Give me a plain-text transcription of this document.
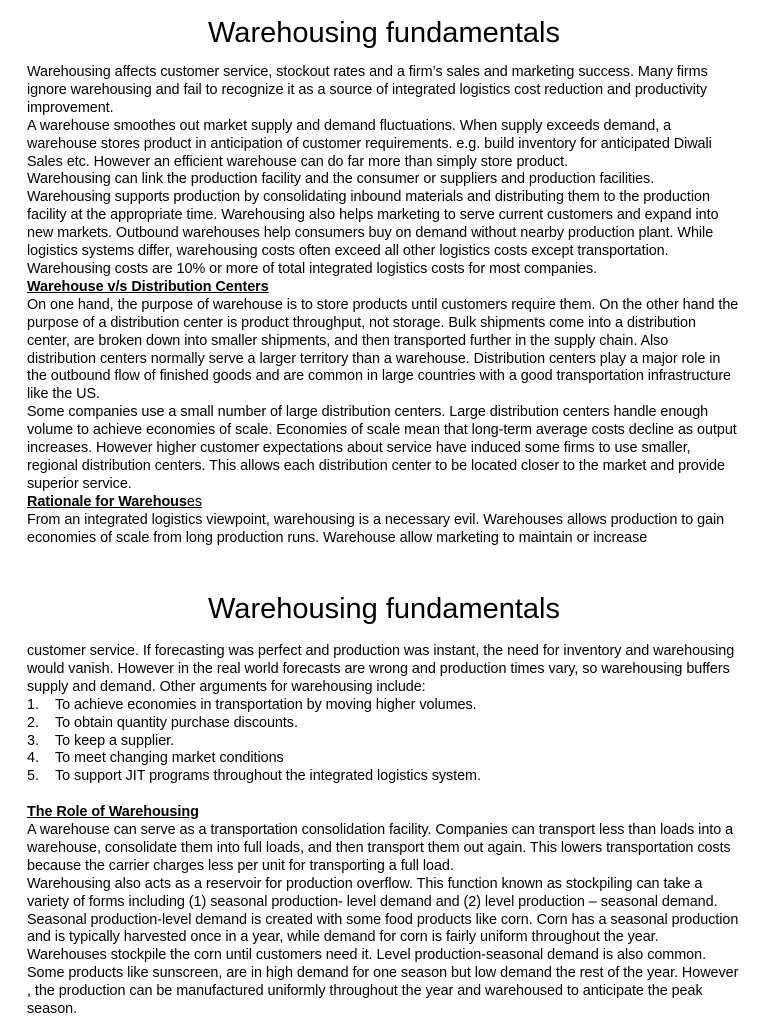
Warehousing fundamentals

Warehousing affects customer service, stockout rates and a firm’s sales and marketing success. Many firms ignore warehousing and fail to recognize it as a source of integrated logistics cost reduction and productivity improvement.

A warehouse smoothes out market supply and demand fluctuations. When supply exceeds demand, a warehouse stores product in anticipation of customer requirements. e.g. build inventory for anticipated Diwali Sales etc. However an efficient warehouse can do far more than simply store product.

Warehousing can link the production facility and the consumer or suppliers and production facilities. Warehousing supports production by consolidating inbound materials and distributing them to the production facility at the appropriate time. Warehousing also helps marketing to serve current customers and expand into new markets. Outbound warehouses help consumers buy on demand without nearby production plant. While logistics systems differ, warehousing costs often exceed all other logistics costs except transportation. Warehousing costs are 10% or more of total integrated logistics costs for most companies.

Warehouse v/s Distribution Centers

On one hand, the purpose of warehouse is to store products until customers require them. On the other hand the purpose of a distribution center is product throughput, not storage. Bulk shipments come into a distribution center, are broken down into smaller shipments, and then transported further in the supply chain. Also distribution centers normally serve a larger territory than a warehouse. Distribution centers play a major role in the outbound flow of finished goods and are common in large countries with a good transportation infrastructure like the US.

Some companies use a small number of large distribution centers. Large distribution centers handle enough volume to achieve economies of scale. Economies of scale mean that long-term average costs decline as output increases. However higher customer expectations about service have induced some firms to use smaller, regional distribution centers. This allows each distribution center to be located closer to the market and provide superior service.

Rationale for Warehouses

From an integrated logistics viewpoint, warehousing is a necessary evil. Warehouses allows production to gain economies of scale from long production runs. Warehouse allow marketing to maintain or increase

Warehousing fundamentals

customer service. If forecasting was perfect and production was instant, the need for inventory and warehousing would vanish. However in the real world forecasts are wrong and production times vary, so warehousing buffers supply and demand. Other arguments for warehousing include:

1. To achieve economies in transportation by moving higher volumes.
2. To obtain quantity purchase discounts.
3. To keep a supplier.
4. To meet changing market conditions
5. To support JIT programs throughout the integrated logistics system.

The Role of Warehousing

A warehouse can serve as a transportation consolidation facility. Companies can transport less than loads into a warehouse, consolidate them into full loads, and then transport them out again. This lowers transportation costs because the carrier charges less per unit for transporting a full load.

Warehousing also acts as a reservoir for production overflow. This function known as stockpiling can take a variety of forms including (1) seasonal production- level demand and (2) level production – seasonal demand. Seasonal production-level demand is created with some food products like corn. Corn has a seasonal production and is typically harvested once in a year, while demand for corn is fairly uniform throughout the year. Warehouses stockpile the corn until customers need it. Level production-seasonal demand is also common. Some products like sunscreen, are in high demand for one season but low demand the rest of the year. However , the production can be manufactured uniformly throughout the year and warehoused to anticipate the peak season.
